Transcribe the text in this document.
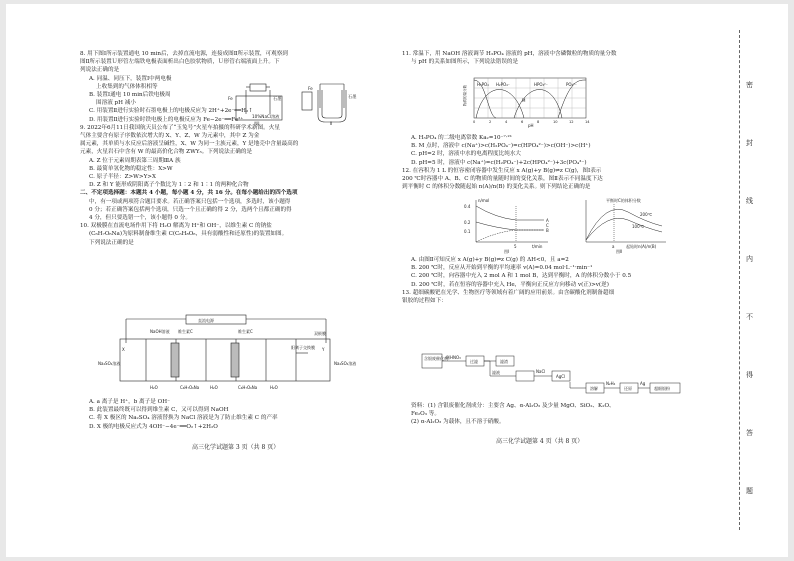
8. 用下图Ⅰ所示装置通电 10 min后，去掉直流电源，连接成图Ⅱ所示装置，可观察到
图Ⅱ所示装置Ｕ形管左端铁电极表面析出白色胶状物质，Ｕ形管右端液面上升。下
列说法正确的是
A. 同温、同压下，装置Ⅰ中两电极
上收集到的气体体积相等
B. 装置Ⅰ通电 10 min后铁电极周
围溶液 pH 减小
C. 用装置Ⅱ进行实验时石墨电极上的电极反应为 2H⁺+2e⁻══H₂↑
D. 用装置Ⅱ进行实验时铁电极上的电极反应为 Fe−2e⁻══Fe²⁺
9. 2022年6月11日我国航天员公布了“玉兔号”火星车拍摄的科研学术新图。火星
气体主要含有原子序数依次增大的 X、Y、Z、W 为元素中，其中 Z 为金
属元素，其单质与水反应后溶液呈碱性，X、W 为同一主族元素，Y 是地壳中含量最高的
元素，火星岩石中含有 W 的最高价化合物 ZWY₃。下列说法正确的是
A. Z 位于元素周期表第三周期ⅢA 族
B. 最简单氢化物的稳定性：X>W
C. 原子半径：Z>W>Y>X
D. Z 和 Y 能形成阴阳离子个数比为 1∶2 和 1∶1 的两种化合物
二、不定项选择题：本题共 4 小题，每小题 4 分，共 16 分。在每小题给出的四个选项
中，有一项或两项符合题目要求。若正确答案只包括一个选项，多选时，该小题得
0 分；若正确答案包括两个选项，只选一个且正确的得 2 分，选两个且都正确的得
4 分，但只要选错一个，该小题得 0 分。
10. 双极膜在直流电场作用下将 H₂O 解离为 H⁺和 OH⁻，以维生素 C 的钠盐
(C₆H₇O₆Na)为原料制备维生素 C(C₆H₈O₆，具有弱酸性和还原性)的装置如图。
下列说法正确的是
石墨
Fe
图Ⅰ
石墨
Fe
Ⅱ
10%NaCl溶液
直流电源
NaOH溶液 维生素C	维生素C
Na₂SO₄溶液	Na₂SO₄溶液
H₂O	C₆H₇O₆Na	H₂O	C₆H₇O₆Na	H₂O
X	Y
阳离子交换膜
双极膜
A. a 离子是 H⁺，b 离子是 OH⁻
B. 此装置最终既可以得到维生素 C，又可以得到 NaOH
C. 将 X 极区的 Na₂SO₄ 溶液替换为 NaCl 溶液是为了防止维生素 C 的产率
D. X 极的电极反应式为 4OH⁻−4e⁻══O₂↑+2H₂O
高三化学试题第 3 页（共 8 页）
11. 常温下，用 NaOH 溶液调节 H₃PO₄ 溶液的 pH，溶液中含磷微粒的物质的量分数
与 pH 的关系如图所示，下列说法错误的是
H₃PO₄ H₂PO₄⁻	HPO₄²⁻	PO₄³⁻
M
pH
物质的量分数
0	2	4	6	8	10	12	14
A. H₃PO₄ 的二级电离常数 Ka₂=10⁻⁷·²¹
B. M 点时，溶液中 c(Na⁺)>c(H₂PO₄⁻)=c(HPO₄²⁻)>c(OH⁻)>c(H⁺)
C. pH=2 时，溶液中水的电离程度比纯水大
D. pH=5 时，溶液中 c(Na⁺)=c(H₂PO₄⁻)+2c(HPO₄²⁻)+3c(PO₄³⁻)
12. 在容积为 1 L 的恒容密闭容器中发生反应 x A(g)+y B(g)⇌z C(g)，图Ⅰ表示
200 ℃时容器中 A、B、C 的物质的量随时间的变化关系，图Ⅱ表示不同温度下达
到平衡时 C 的体积分数随起始 n(A)/n(B) 的变化关系。则下列结论正确的是
n/mol
0.4
0.2
0.1
5	t/min
A
B
C
图Ⅰ
平衡时C的体积分数
200℃
100℃
a	起始时n(A)/n(B)
图Ⅱ
A. 由图Ⅱ可知反应 x A(g)+y B(g)⇌z C(g) 的 ΔH<0，且 a=2
B. 200 ℃时，反应从开始到平衡的平均速率 v(A)=0.04 mol·L⁻¹·min⁻¹
C. 200 ℃时，向容器中充入 2 mol A 和 1 mol B，达到平衡时，A 的体积分数小于 0.5
D. 200 ℃时，若在恒容的容器中充入 He，平衡向正反应方向移动 v(正)>v(逆)
13. 超细碳酸钯在光学、生物医疗等领域有着广阔的应用前景。由含碳酸化剂制备超细
银胶的过程如下：
含银废催化剂
稀HNO₃
过滤	滤渣
滤液	NaCl
AgCl
溶解	还原
N₂H₄	Ag
超细银粉
资料：(1) 含银废催化剂成分：主要含 Ag、α-Al₂O₃ 及少量 MgO、SiO₂、K₂O、
Fe₂O₃ 等。
(2) α-Al₂O₃ 为载体，且不溶于硝酸。
高三化学试题第 4 页（共 8 页）
密
封
线
内
不
得
答
题
